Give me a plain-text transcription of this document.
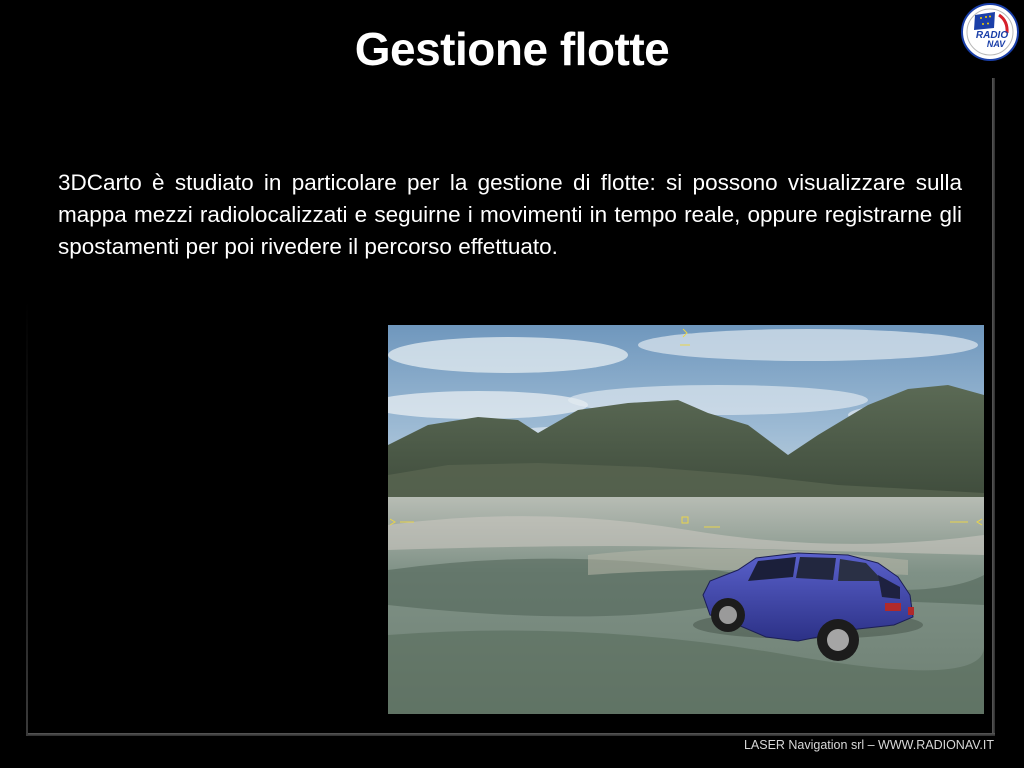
Gestione flotte	RADIO
NAV

3DCarto è studiato in particolare per la gestione di flotte: si possono visualizzare sulla mappa mezzi radiolocalizzati e seguirne i movimenti in tempo reale, oppure registrarne gli spostamenti per poi rivedere il percorso effettuato.

LASER Navigation srl – WWW.RADIONAV.IT
